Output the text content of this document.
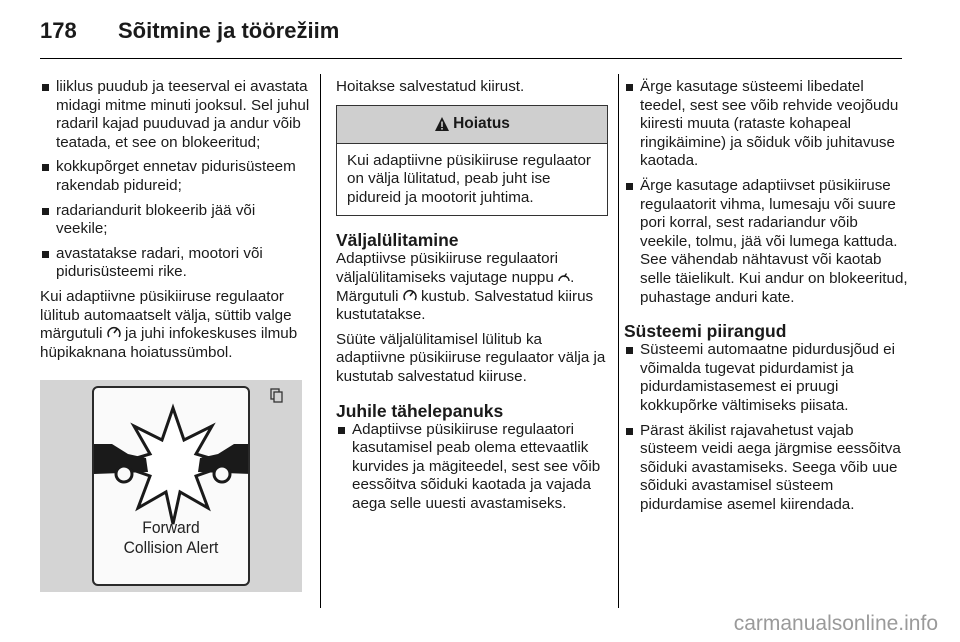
178	Sõitmine ja töörežiim
liiklus puudub ja teeserval ei avastata midagi mitme minuti jooksul. Sel juhul radaril kajad puuduvad ja andur võib teatada, et see on blokeeritud;
kokkupõrget ennetav pidurisüsteem rakendab pidureid;
radariandurit blokeerib jää või veekile;
avastatakse radari, mootori või pidurisüsteemi rike.
Kui adaptiivne püsikiiruse regulaator lülitub automaatselt välja, süttib valge märgutuli ja juhi infokeskuses ilmub hüpikaknana hoiatussümbol.
Forward
Collision Alert
Hoitakse salvestatud kiirust.
Hoiatus
Kui adaptiivne püsikiiruse regulaator on välja lülitatud, peab juht ise pidureid ja mootorit juhtima.
Väljalülitamine
Adaptiivse püsikiiruse regulaatori väljalülitamiseks vajutage nuppu . Märgutuli kustub. Salvestatud kiirus kustutatakse.
Süüte väljalülitamisel lülitub ka adaptiivne püsikiiruse regulaator välja ja kustutab salvestatud kiiruse.
Juhile tähelepanuks
Adaptiivse püsikiiruse regulaatori kasutamisel peab olema ettevaatlik kurvides ja mägiteedel, sest see võib eessõitva sõiduki kaotada ja vajada aega selle uuesti avastamiseks.
Ärge kasutage süsteemi libedatel teedel, sest see võib rehvide veojõudu kiiresti muuta (rataste kohapeal ringikäimine) ja sõiduk võib juhitavuse kaotada.
Ärge kasutage adaptiivset püsikiiruse regulaatorit vihma, lumesaju või suure pori korral, sest radariandur võib veekile, tolmu, jää või lumega kattuda. See vähendab nähtavust või kaotab selle täielikult. Kui andur on blokeeritud, puhastage anduri kate.
Süsteemi piirangud
Süsteemi automaatne pidurdusjõud ei võimalda tugevat pidurdamist ja pidurdamistasemest ei pruugi kokkupõrke vältimiseks piisata.
Pärast äkilist rajavahetust vajab süsteem veidi aega järgmise eessõitva sõiduki avastamiseks. Seega võib uue sõiduki avastamisel süsteem pidurdamise asemel kiirendada.
carmanualsonline.info
